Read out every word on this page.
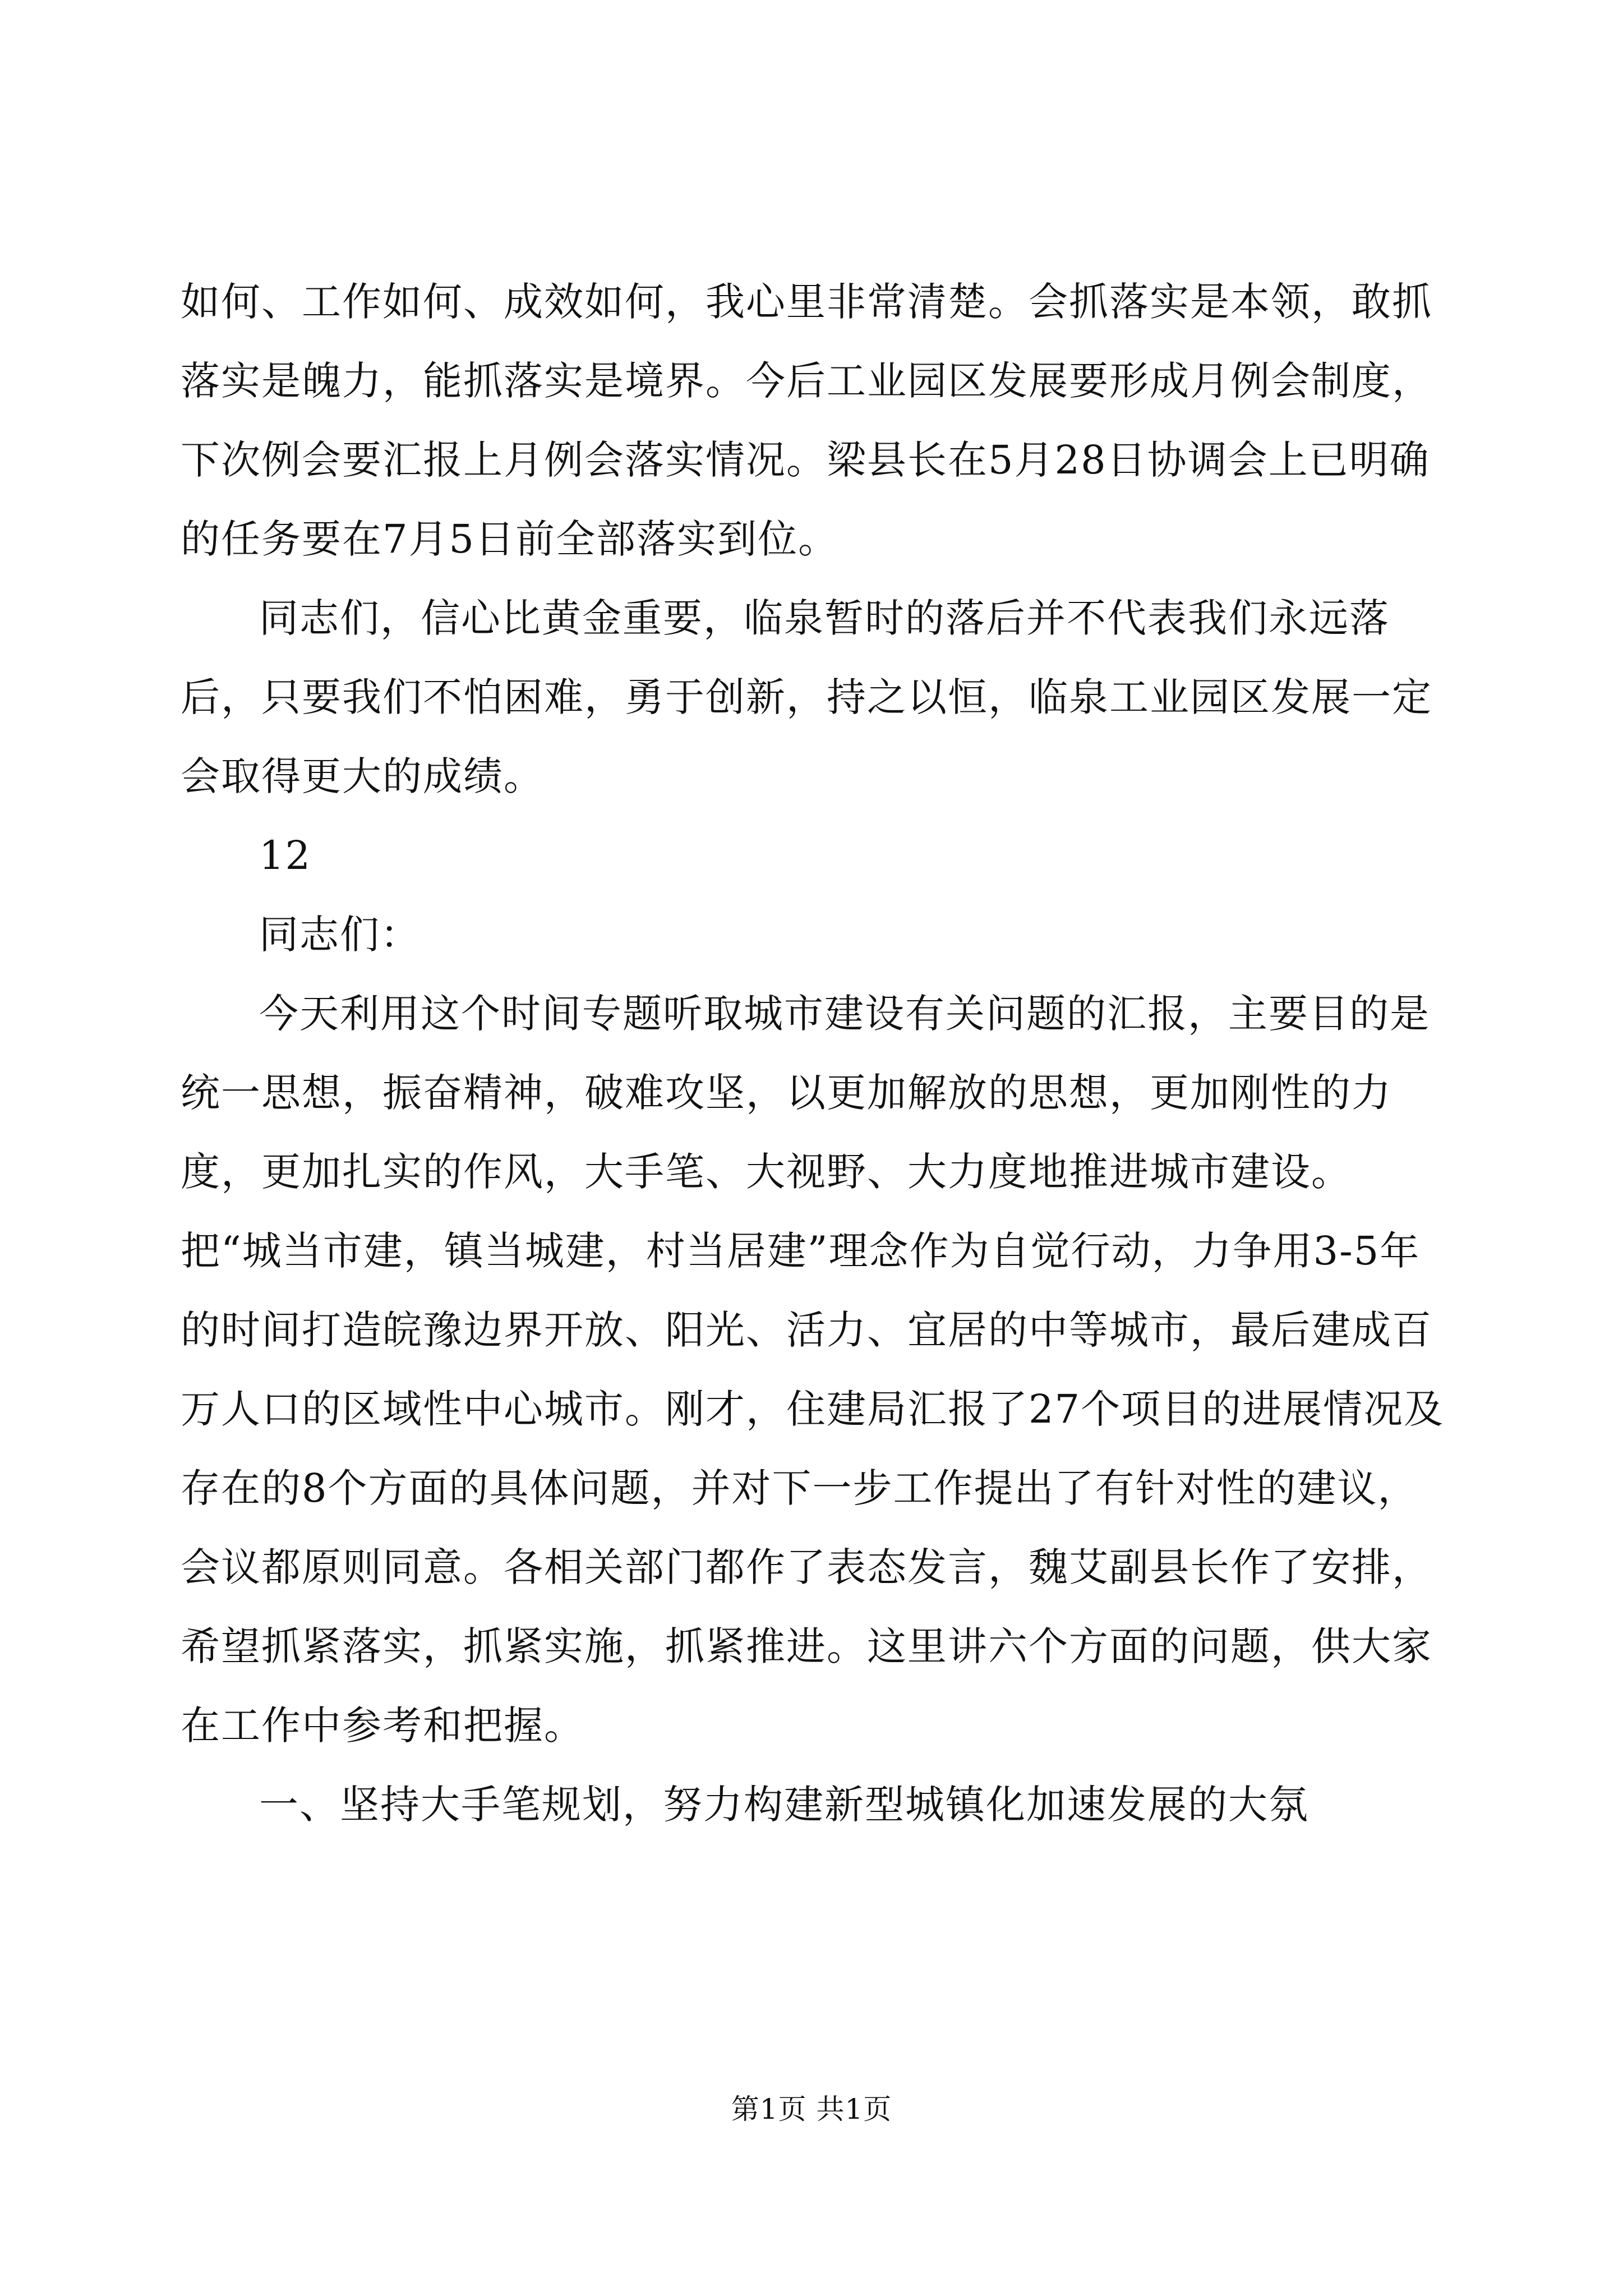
如何、工作如何、成效如何，我心里非常清楚。会抓落实是本领，敢抓落实是魄力，能抓落实是境界。今后工业园区发展要形成月例会制度，下次例会要汇报上月例会落实情况。梁县长在5月28日协调会上已明确的任务要在7月5日前全部落实到位。

同志们，信心比黄金重要，临泉暂时的落后并不代表我们永远落后，只要我们不怕困难，勇于创新，持之以恒，临泉工业园区发展一定会取得更大的成绩。

12

同志们：

今天利用这个时间专题听取城市建设有关问题的汇报，主要目的是统一思想，振奋精神，破难攻坚，以更加解放的思想，更加刚性的力度，更加扎实的作风，大手笔、大视野、大力度地推进城市建设。把“城当市建，镇当城建，村当居建”理念作为自觉行动，力争用3-5年的时间打造皖豫边界开放、阳光、活力、宜居的中等城市，最后建成百万人口的区域性中心城市。刚才，住建局汇报了27个项目的进展情况及存在的8个方面的具体问题，并对下一步工作提出了有针对性的建议，会议都原则同意。各相关部门都作了表态发言，魏艾副县长作了安排，希望抓紧落实，抓紧实施，抓紧推进。这里讲六个方面的问题，供大家在工作中参考和把握。

一、坚持大手笔规划，努力构建新型城镇化加速发展的大氛

第1页 共1页
